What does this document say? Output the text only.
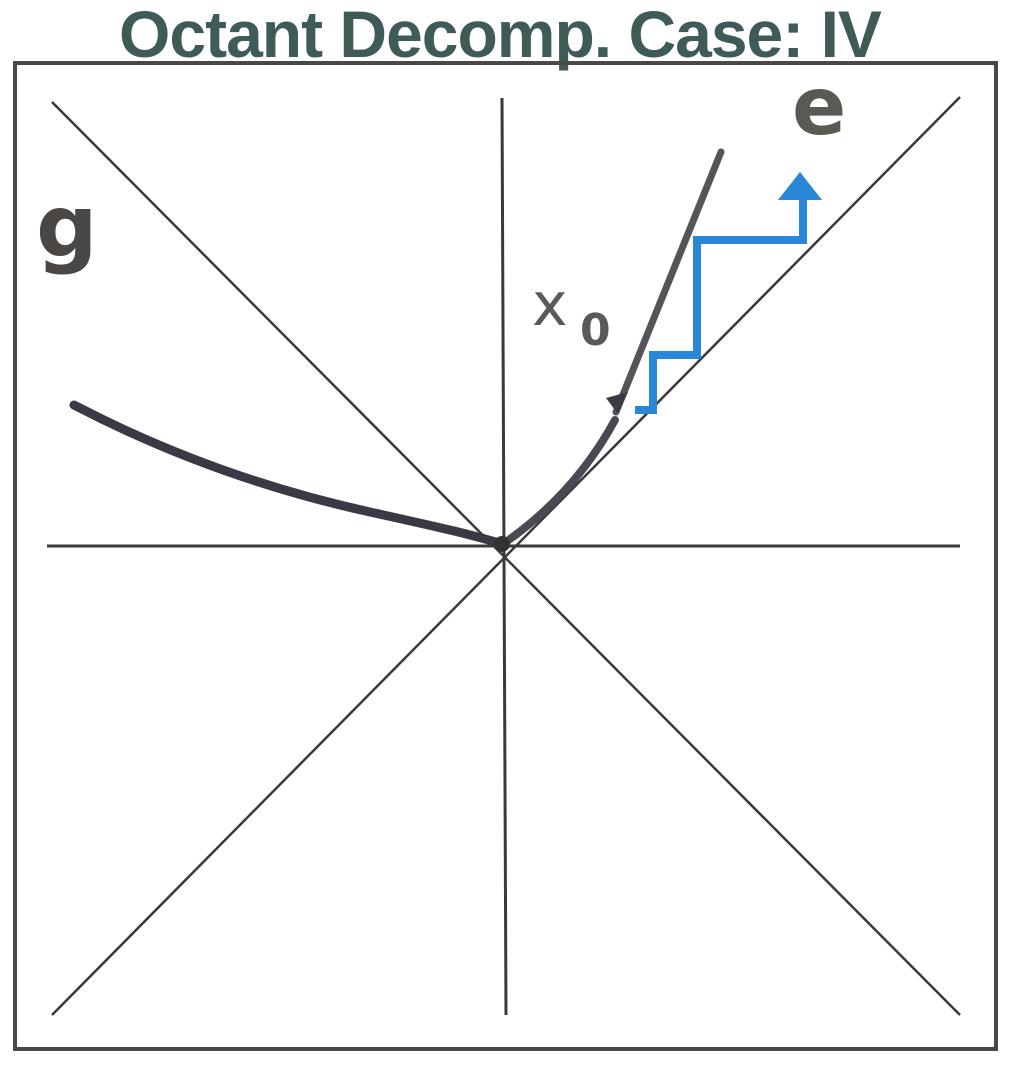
Octant Decomp. Case: IV
g
e
x 0
